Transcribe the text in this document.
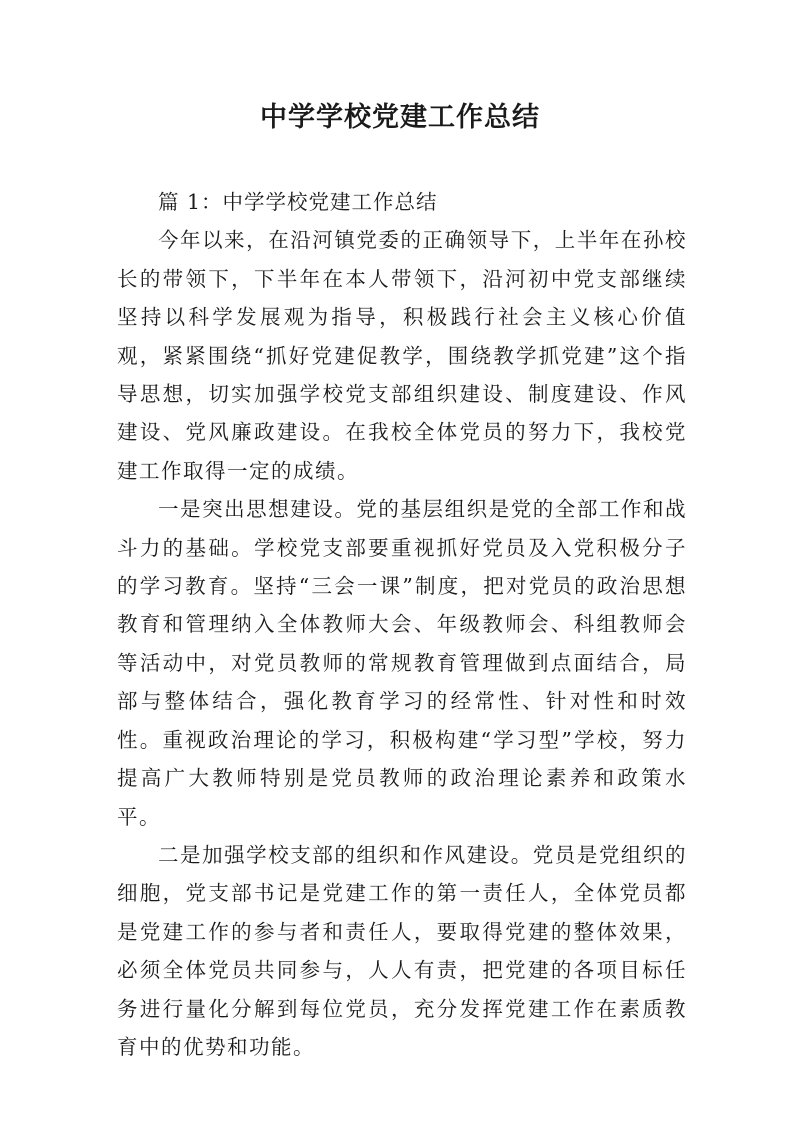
中学学校党建工作总结

篇 1：中学学校党建工作总结

今年以来，在沿河镇党委的正确领导下，上半年在孙校长的带领下，下半年在本人带领下，沿河初中党支部继续坚持以科学发展观为指导，积极践行社会主义核心价值观，紧紧围绕“抓好党建促教学，围绕教学抓党建”这个指导思想，切实加强学校党支部组织建设、制度建设、作风建设、党风廉政建设。在我校全体党员的努力下，我校党建工作取得一定的成绩。

一是突出思想建设。党的基层组织是党的全部工作和战斗力的基础。学校党支部要重视抓好党员及入党积极分子的学习教育。坚持“三会一课”制度，把对党员的政治思想教育和管理纳入全体教师大会、年级教师会、科组教师会等活动中，对党员教师的常规教育管理做到点面结合，局部与整体结合，强化教育学习的经常性、针对性和时效性。重视政治理论的学习，积极构建“学习型”学校，努力提高广大教师特别是党员教师的政治理论素养和政策水平。

二是加强学校支部的组织和作风建设。党员是党组织的细胞，党支部书记是党建工作的第一责任人，全体党员都是党建工作的参与者和责任人，要取得党建的整体效果，必须全体党员共同参与，人人有责，把党建的各项目标任务进行量化分解到每位党员，充分发挥党建工作在素质教育中的优势和功能。
